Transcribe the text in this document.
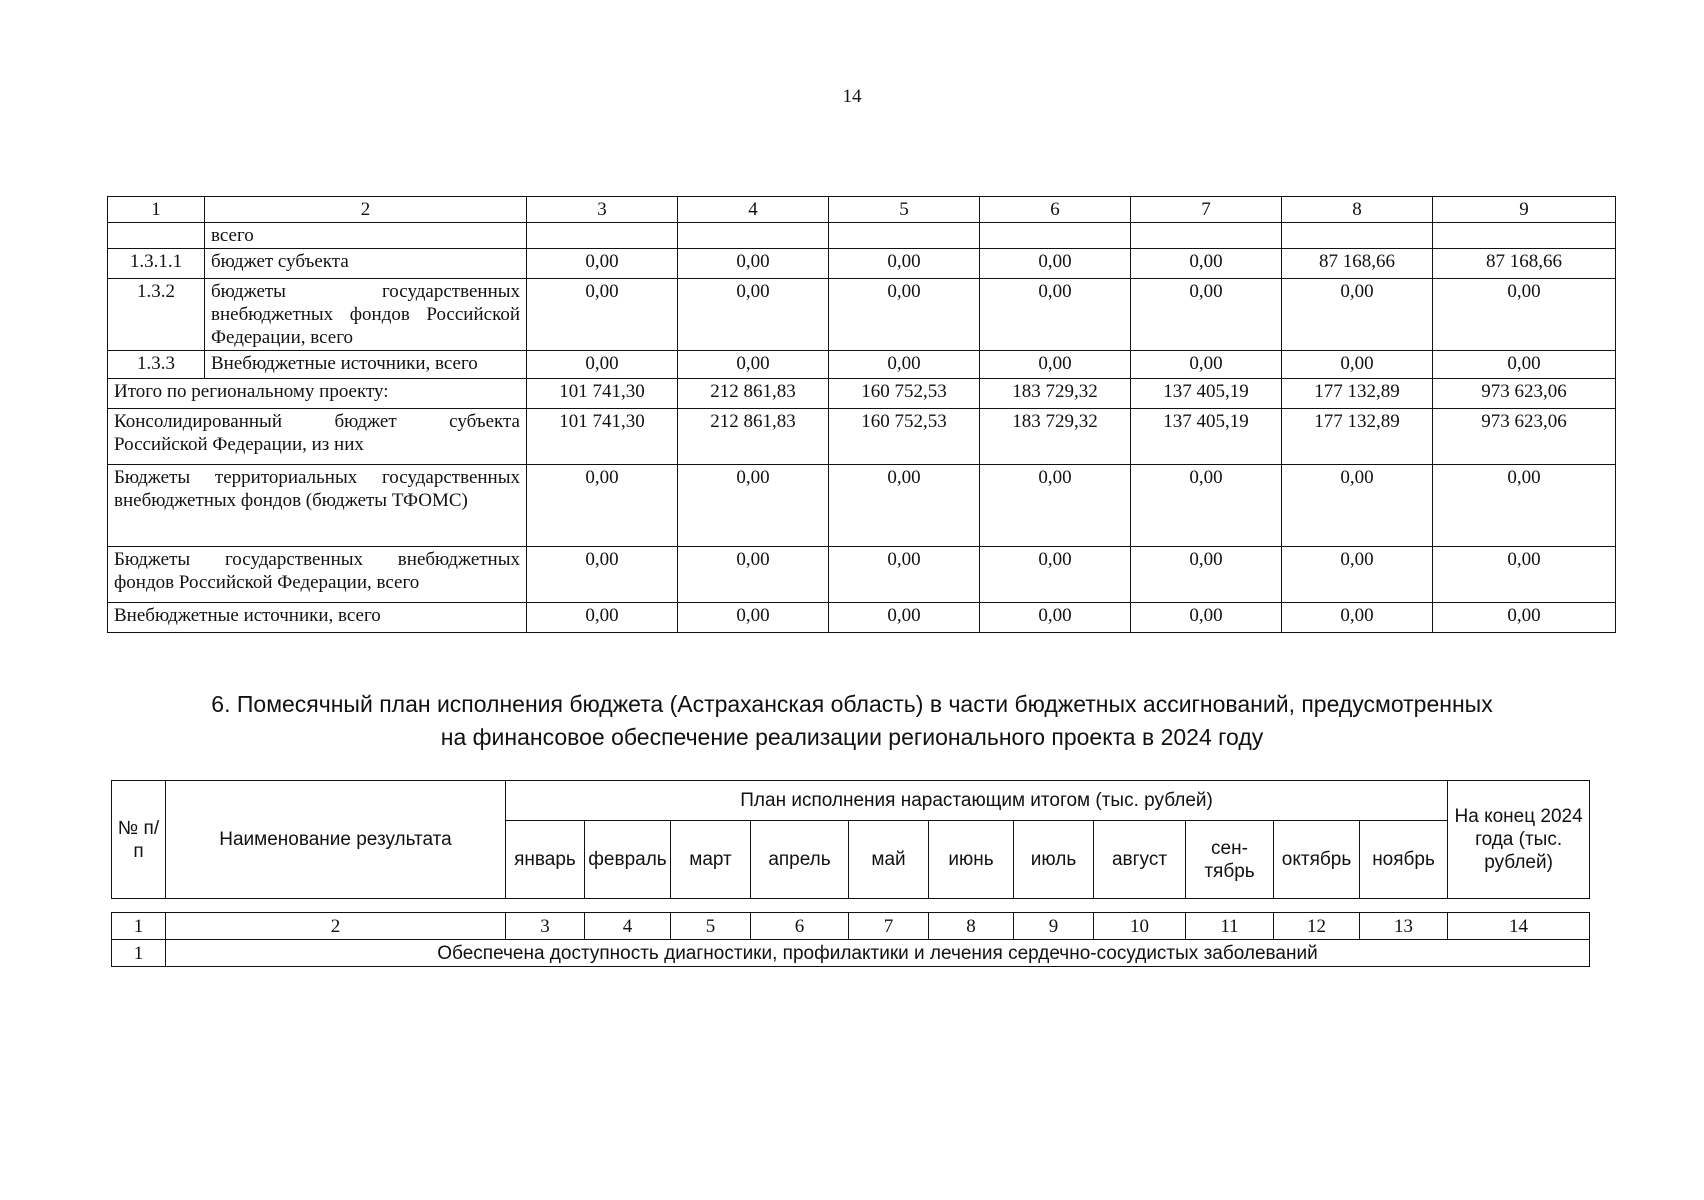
14
1	2	3	4	5	6	7	8	9
	всего							
1.3.1.1	бюджет субъекта	0,00	0,00	0,00	0,00	0,00	87 168,66	87 168,66
1.3.2	бюджеты государственных внебюджетных фондов Российской Федерации, всего	0,00	0,00	0,00	0,00	0,00	0,00	0,00
1.3.3	Внебюджетные источники, всего	0,00	0,00	0,00	0,00	0,00	0,00	0,00
Итого по региональному проекту:		101 741,30	212 861,83	160 752,53	183 729,32	137 405,19	177 132,89	973 623,06
Консолидированный бюджет субъекта Российской Федерации, из них		101 741,30	212 861,83	160 752,53	183 729,32	137 405,19	177 132,89	973 623,06
Бюджеты территориальных государственных внебюджетных фондов (бюджеты ТФОМС)		0,00	0,00	0,00	0,00	0,00	0,00	0,00
Бюджеты государственных внебюджетных фондов Российской Федерации, всего		0,00	0,00	0,00	0,00	0,00	0,00	0,00
Внебюджетные источники, всего		0,00	0,00	0,00	0,00	0,00	0,00	0,00
6. Помесячный план исполнения бюджета (Астраханская область) в части бюджетных ассигнований, предусмотренных
на финансовое обеспечение реализации регионального проекта в 2024 году
№ п/п	Наименование результата	План исполнения нарастающим итогом (тыс. рублей)											На конец 2024 года (тыс. рублей)
		январь	февраль	март	апрель	май	июнь	июль	август	сен-тябрь	октябрь	ноябрь	
1	2	3	4	5	6	7	8	9	10	11	12	13	14
1	Обеспечена доступность диагностики, профилактики и лечения сердечно-сосудистых заболеваний												
